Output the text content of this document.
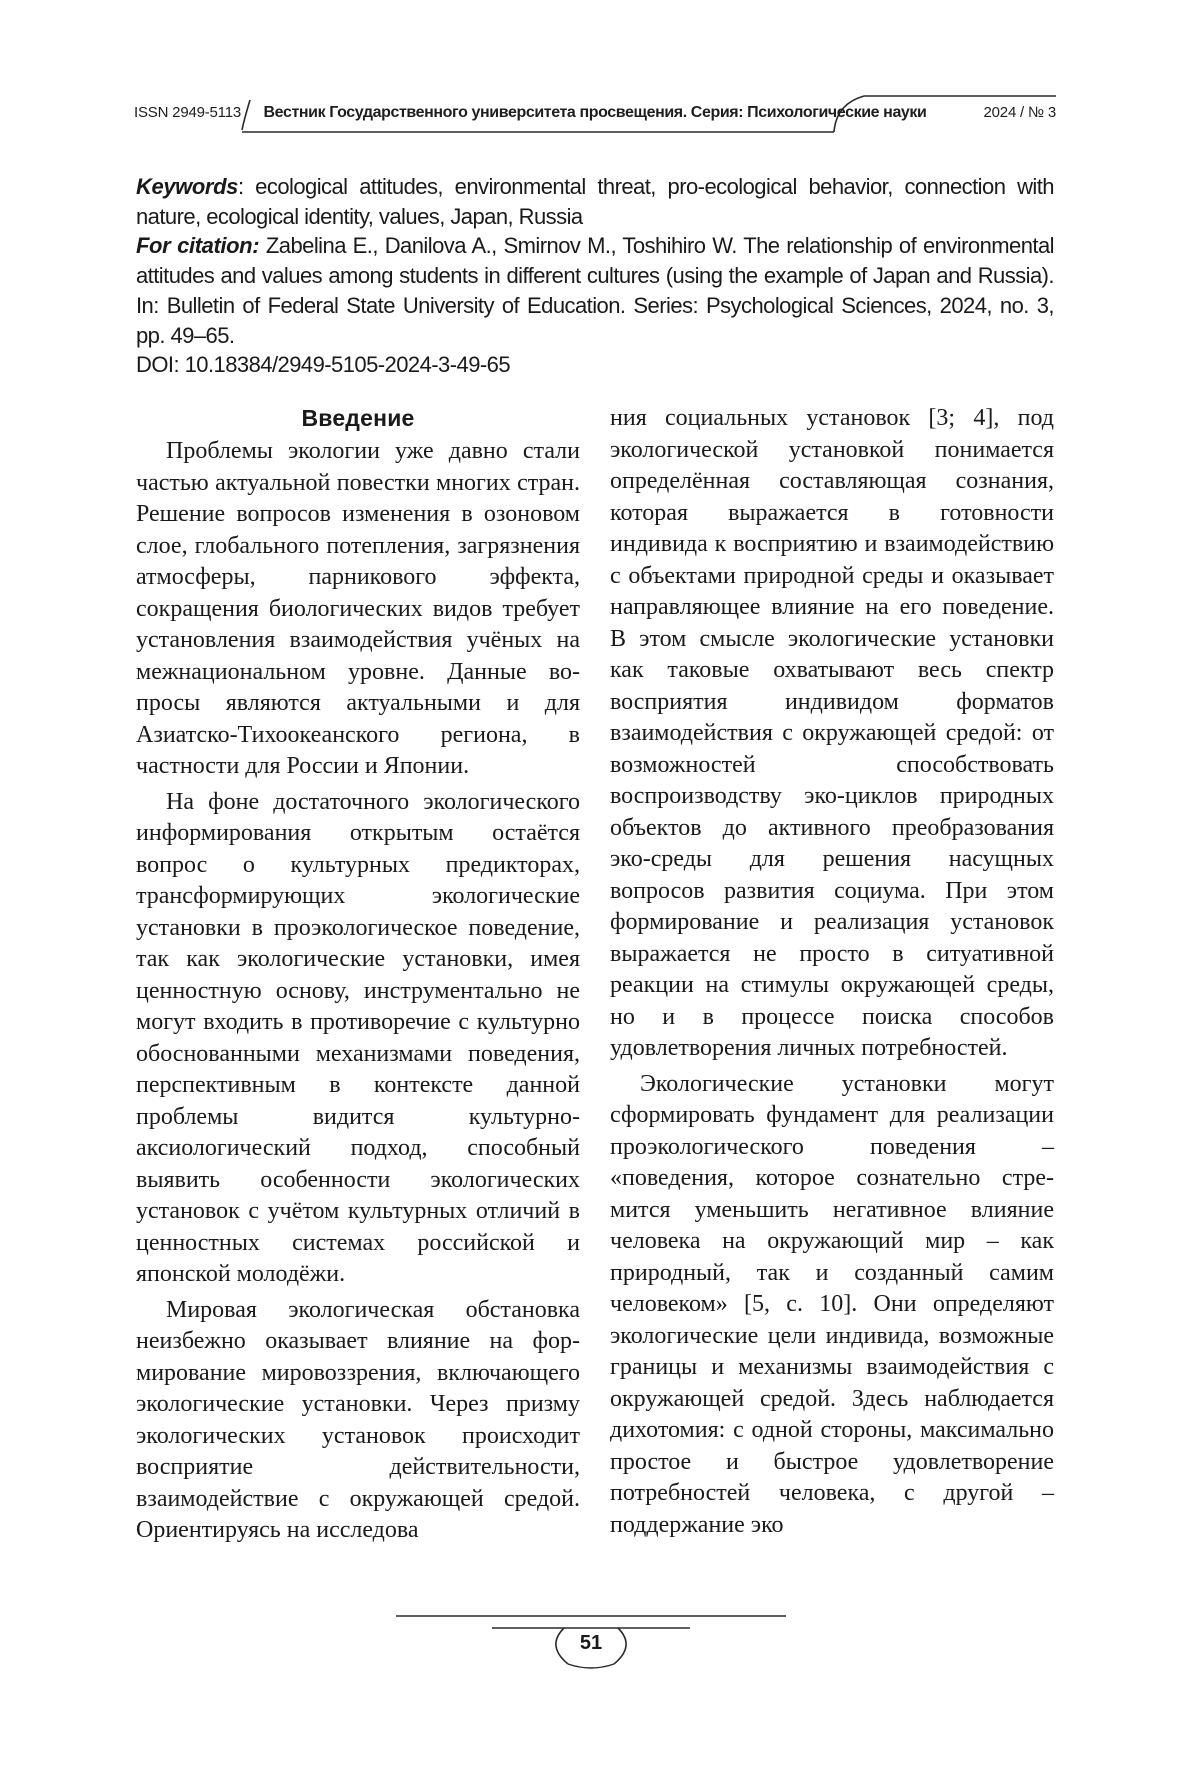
ISSN 2949-5113	Вестник Государственного университета просвещения. Серия: Психологические науки	2024 / № 3

Keywords: ecological attitudes, environmental threat, pro-ecological behavior, connection with nature, ecological identity, values, Japan, Russia

For citation: Zabelina E., Danilova A., Smirnov M., Toshihiro W. The relationship of environmental attitudes and values among students in different cultures (using the example of Japan and Russia). In: Bulletin of Federal State University of Education. Series: Psychological Sciences, 2024, no. 3, pp. 49–65.

DOI: 10.18384/2949-5105-2024-3-49-65

Введение

Проблемы экологии уже давно стали частью актуальной повестки многих стран. Решение вопросов изменения в озоновом слое, глобального потепления, загрязнения атмосферы, парникового эффекта, сокращения биологических видов требует установления взаимодействия учёных на межнациональном уровне. Данные вопросы являются актуальными и для Азиатско-Тихоокеанского региона, в частности для России и Японии.

На фоне достаточного экологического информирования открытым остаётся вопрос о культурных предикторах, трансформирующих экологические установки в проэкологическое поведение, так как экологические установки, имея ценностную основу, инструментально не могут входить в противоречие с культурно обоснованными механизмами поведения, перспективным в контексте данной проблемы видится культурно-аксиологический подход, способный выявить особенности экологических установок с учётом культурных отличий в ценностных системах российской и японской молодёжи.

Мировая экологическая обстановка неизбежно оказывает влияние на формирование мировоззрения, включающего экологические установки. Через призму экологических установок происходит восприятие действительности, взаимодействие с окружающей средой. Ориентируясь на исследова

ния социальных установок [3; 4], под экологической установкой понимается определённая составляющая сознания, которая выражается в готовности индивида к восприятию и взаимодействию с объектами природной среды и оказывает направляющее влияние на его поведение. В этом смысле экологические установки как таковые охватывают весь спектр восприятия индивидом форматов взаимодействия с окружающей средой: от возможностей способствовать воспроизводству эко-циклов природных объектов до активного преобразования эко-среды для решения насущных вопросов развития социума. При этом формирование и реализация установок выражается не просто в ситуативной реакции на стимулы окружающей среды, но и в процессе поиска способов удовлетворения личных потребностей.

Экологические установки могут сформировать фундамент для реализации проэкологического поведения – «поведения, которое сознательно стремится уменьшить негативное влияние человека на окружающий мир – как природный, так и созданный самим человеком» [5, с. 10]. Они определяют экологические цели индивида, возможные границы и механизмы взаимодействия с окружающей средой. Здесь наблюдается дихотомия: с одной стороны, максимально простое и быстрое удовлетворение потребностей человека, с другой – поддержание эко

51
